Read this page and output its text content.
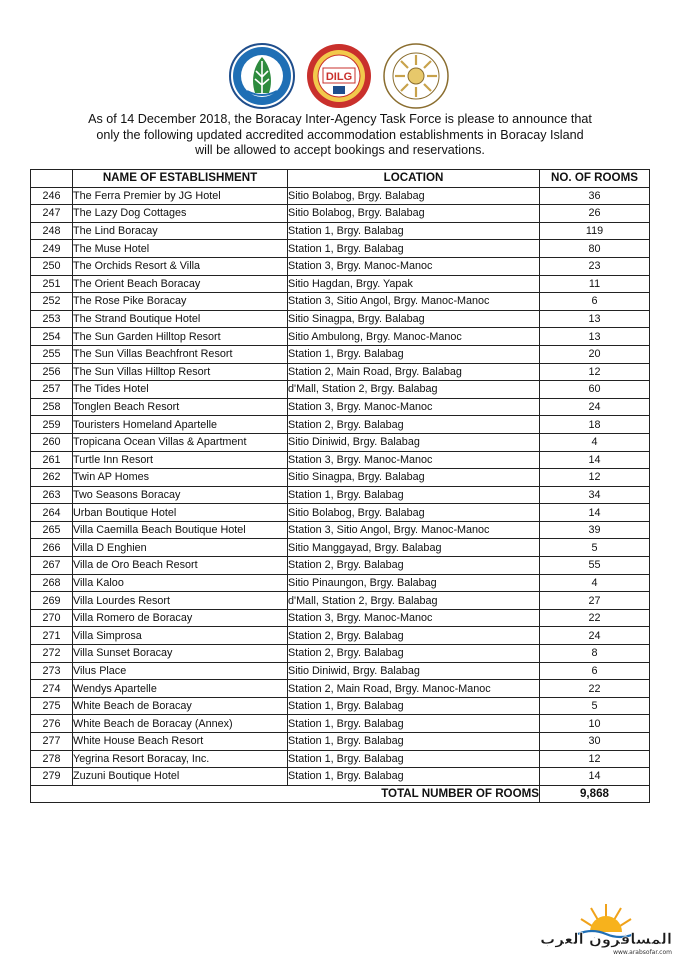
DILG
As of 14 December 2018, the Boracay Inter-Agency Task Force is please to announce that
only the following updated accredited accommodation establishments in Boracay Island
will be allowed to accept bookings and reservations.
	NAME OF ESTABLISHMENT	LOCATION	NO. OF ROOMS
246	The Ferra Premier by JG Hotel	Sitio Bolabog, Brgy. Balabag	36
247	The Lazy Dog Cottages	Sitio Bolabog, Brgy. Balabag	26
248	The Lind Boracay	Station 1, Brgy. Balabag	119
249	The Muse Hotel	Station 1, Brgy. Balabag	80
250	The Orchids Resort & Villa	Station 3, Brgy. Manoc-Manoc	23
251	The Orient Beach Boracay	Sitio Hagdan, Brgy. Yapak	11
252	The Rose Pike Boracay	Station 3, Sitio Angol, Brgy. Manoc-Manoc	6
253	The Strand Boutique Hotel	Sitio Sinagpa, Brgy. Balabag	13
254	The Sun Garden Hilltop Resort	Sitio Ambulong, Brgy. Manoc-Manoc	13
255	The Sun Villas Beachfront Resort	Station 1, Brgy. Balabag	20
256	The Sun Villas Hilltop Resort	Station 2, Main Road, Brgy. Balabag	12
257	The Tides Hotel	d'Mall, Station 2, Brgy. Balabag	60
258	Tonglen Beach Resort	Station 3, Brgy. Manoc-Manoc	24
259	Touristers Homeland Apartelle	Station 2, Brgy. Balabag	18
260	Tropicana Ocean Villas & Apartment	Sitio Diniwid, Brgy. Balabag	4
261	Turtle Inn Resort	Station 3, Brgy. Manoc-Manoc	14
262	Twin AP Homes	Sitio Sinagpa, Brgy. Balabag	12
263	Two Seasons Boracay	Station 1, Brgy. Balabag	34
264	Urban Boutique Hotel	Sitio Bolabog, Brgy. Balabag	14
265	Villa Caemilla Beach Boutique Hotel	Station 3, Sitio Angol, Brgy. Manoc-Manoc	39
266	Villa D Enghien	Sitio Manggayad, Brgy. Balabag	5
267	Villa de Oro Beach Resort	Station 2, Brgy. Balabag	55
268	Villa Kaloo	Sitio Pinaungon, Brgy. Balabag	4
269	Villa Lourdes Resort	d'Mall, Station 2, Brgy. Balabag	27
270	Villa Romero de Boracay	Station 3, Brgy. Manoc-Manoc	22
271	Villa Simprosa	Station 2, Brgy. Balabag	24
272	Villa Sunset Boracay	Station 2, Brgy. Balabag	8
273	Vilus Place	Sitio Diniwid, Brgy. Balabag	6
274	Wendys Apartelle	Station 2, Main Road, Brgy. Manoc-Manoc	22
275	White Beach de Boracay	Station 1, Brgy. Balabag	5
276	White Beach de Boracay (Annex)	Station 1, Brgy. Balabag	10
277	White House Beach Resort	Station 1, Brgy. Balabag	30
278	Yegrina Resort Boracay, Inc.	Station 1, Brgy. Balabag	12
279	Zuzuni Boutique Hotel	Station 1, Brgy. Balabag	14
TOTAL NUMBER OF ROOMS			9,868
المسافرون العرب
www.arabsofar.com
